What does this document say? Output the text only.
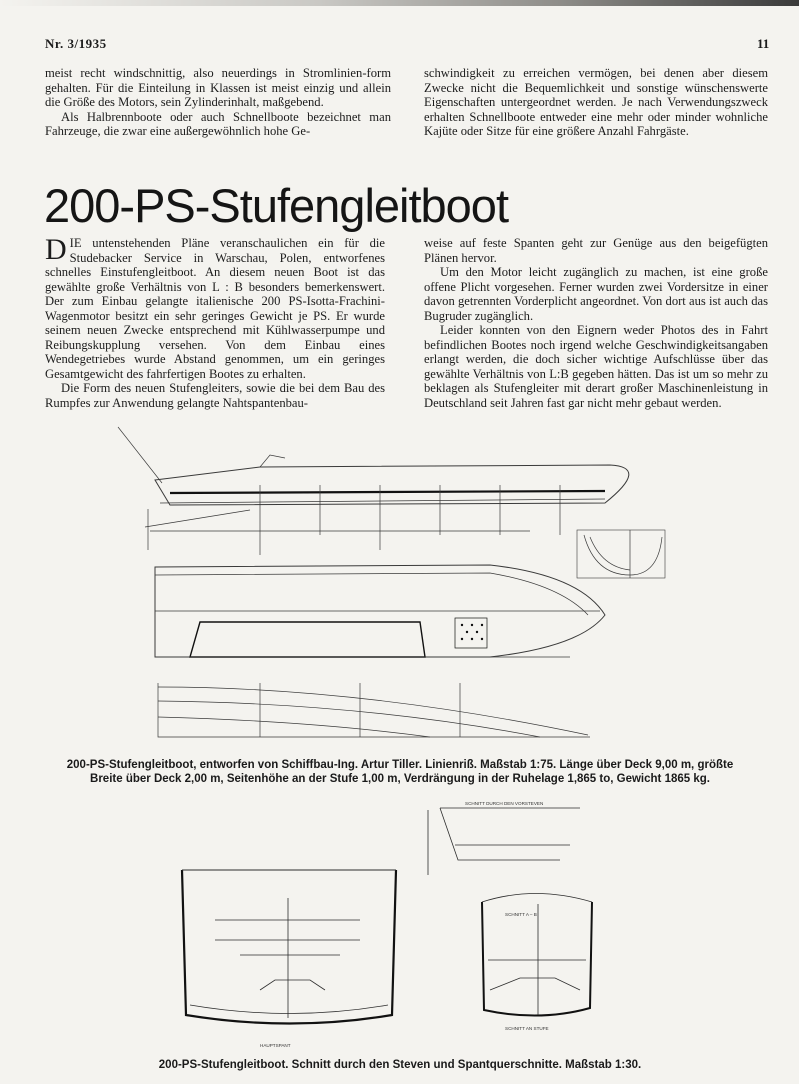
Nr. 3/1935	11

meist recht windschnittig, also neuerdings in Stromlinien-form gehalten. Für die Einteilung in Klassen ist meist einzig und allein die Größe des Motors, sein Zylinderinhalt, maßgebend.

Als Halbrennboote oder auch Schnellboote bezeichnet man Fahrzeuge, die zwar eine außergewöhnlich hohe Ge-

schwindigkeit zu erreichen vermögen, bei denen aber diesem Zwecke nicht die Bequemlichkeit und sonstige wünschenswerte Eigenschaften untergeordnet werden. Je nach Verwendungszweck erhalten Schnellboote entweder eine mehr oder minder wohnliche Kajüte oder Sitze für eine größere Anzahl Fahrgäste.

200-PS-Stufengleitboot

DIE untenstehenden Pläne veranschaulichen ein für die Studebacker Service in Warschau, Polen, entworfenes schnelles Einstufengleitboot. An diesem neuen Boot ist das gewählte große Verhältnis von L : B besonders bemerkenswert. Der zum Einbau gelangte italienische 200 PS-Isotta-Frachini-Wagenmotor besitzt ein sehr geringes Gewicht je PS. Er wurde seinem neuen Zwecke entsprechend mit Kühlwasserpumpe und Reibungskupplung versehen. Von dem Einbau eines Wendegetriebes wurde Abstand genommen, um ein geringes Gesamtgewicht des fahrfertigen Bootes zu erhalten.

Die Form des neuen Stufengleiters, sowie die bei dem Bau des Rumpfes zur Anwendung gelangte Nahtspantenbau-

weise auf feste Spanten geht zur Genüge aus den beigefügten Plänen hervor.

Um den Motor leicht zugänglich zu machen, ist eine große offene Plicht vorgesehen. Ferner wurden zwei Vordersitze in einer davon getrennten Vorderplicht angeordnet. Von dort aus ist auch das Bugruder zugänglich.

Leider konnten von den Eignern weder Photos des in Fahrt befindlichen Bootes noch irgend welche Geschwindigkeitsangaben erlangt werden, die doch sicher wichtige Aufschlüsse über das gewählte Verhältnis von L:B gegeben hätten. Das ist um so mehr zu beklagen als Stufengleiter mit derart großer Maschinenleistung in Deutschland seit Jahren fast gar nicht mehr gebaut werden.

200-PS-Stufengleitboot, entworfen von Schiffbau-Ing. Artur Tiller. Linienriß. Maßstab 1:75. Länge über Deck 9,00 m, größte
Breite über Deck 2,00 m, Seitenhöhe an der Stufe 1,00 m, Verdrängung in der Ruhelage 1,865 to, Gewicht 1865 kg.
SCHNITT DURCH DEN VORSTEVEN
SCHNITT A – B
SCHNITT AN STUFE
HAUPTSPANT
200-PS-Stufengleitboot. Schnitt durch den Steven und Spantquerschnitte. Maßstab 1:30.
